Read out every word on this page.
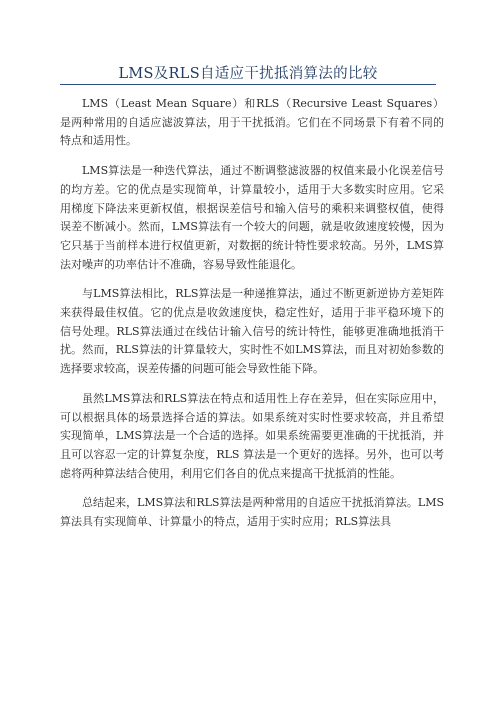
LMS及RLS自适应干扰抵消算法的比较

LMS（Least Mean Square）和RLS（Recursive Least Squares）是两种常用的自适应滤波算法，用于干扰抵消。它们在不同场景下有着不同的特点和适用性。

LMS算法是一种迭代算法，通过不断调整滤波器的权值来最小化误差信号的均方差。它的优点是实现简单，计算量较小，适用于大多数实时应用。它采用梯度下降法来更新权值，根据误差信号和输入信号的乘积来调整权值，使得误差不断减小。然而，LMS算法有一个较大的问题，就是收敛速度较慢，因为它只基于当前样本进行权值更新，对数据的统计特性要求较高。另外，LMS算法对噪声的功率估计不准确，容易导致性能退化。

与LMS算法相比，RLS算法是一种递推算法，通过不断更新逆协方差矩阵来获得最佳权值。它的优点是收敛速度快，稳定性好，适用于非平稳环境下的信号处理。RLS算法通过在线估计输入信号的统计特性，能够更准确地抵消干扰。然而，RLS算法的计算量较大，实时性不如LMS算法，而且对初始参数的选择要求较高，误差传播的问题可能会导致性能下降。

虽然LMS算法和RLS算法在特点和适用性上存在差异，但在实际应用中，可以根据具体的场景选择合适的算法。如果系统对实时性要求较高，并且希望实现简单，LMS算法是一个合适的选择。如果系统需要更准确的干扰抵消，并且可以容忍一定的计算复杂度，RLS 算法是一个更好的选择。另外，也可以考虑将两种算法结合使用，利用它们各自的优点来提高干扰抵消的性能。

总结起来，LMS算法和RLS算法是两种常用的自适应干扰抵消算法。LMS算法具有实现简单、计算量小的特点，适用于实时应用；RLS算法具
